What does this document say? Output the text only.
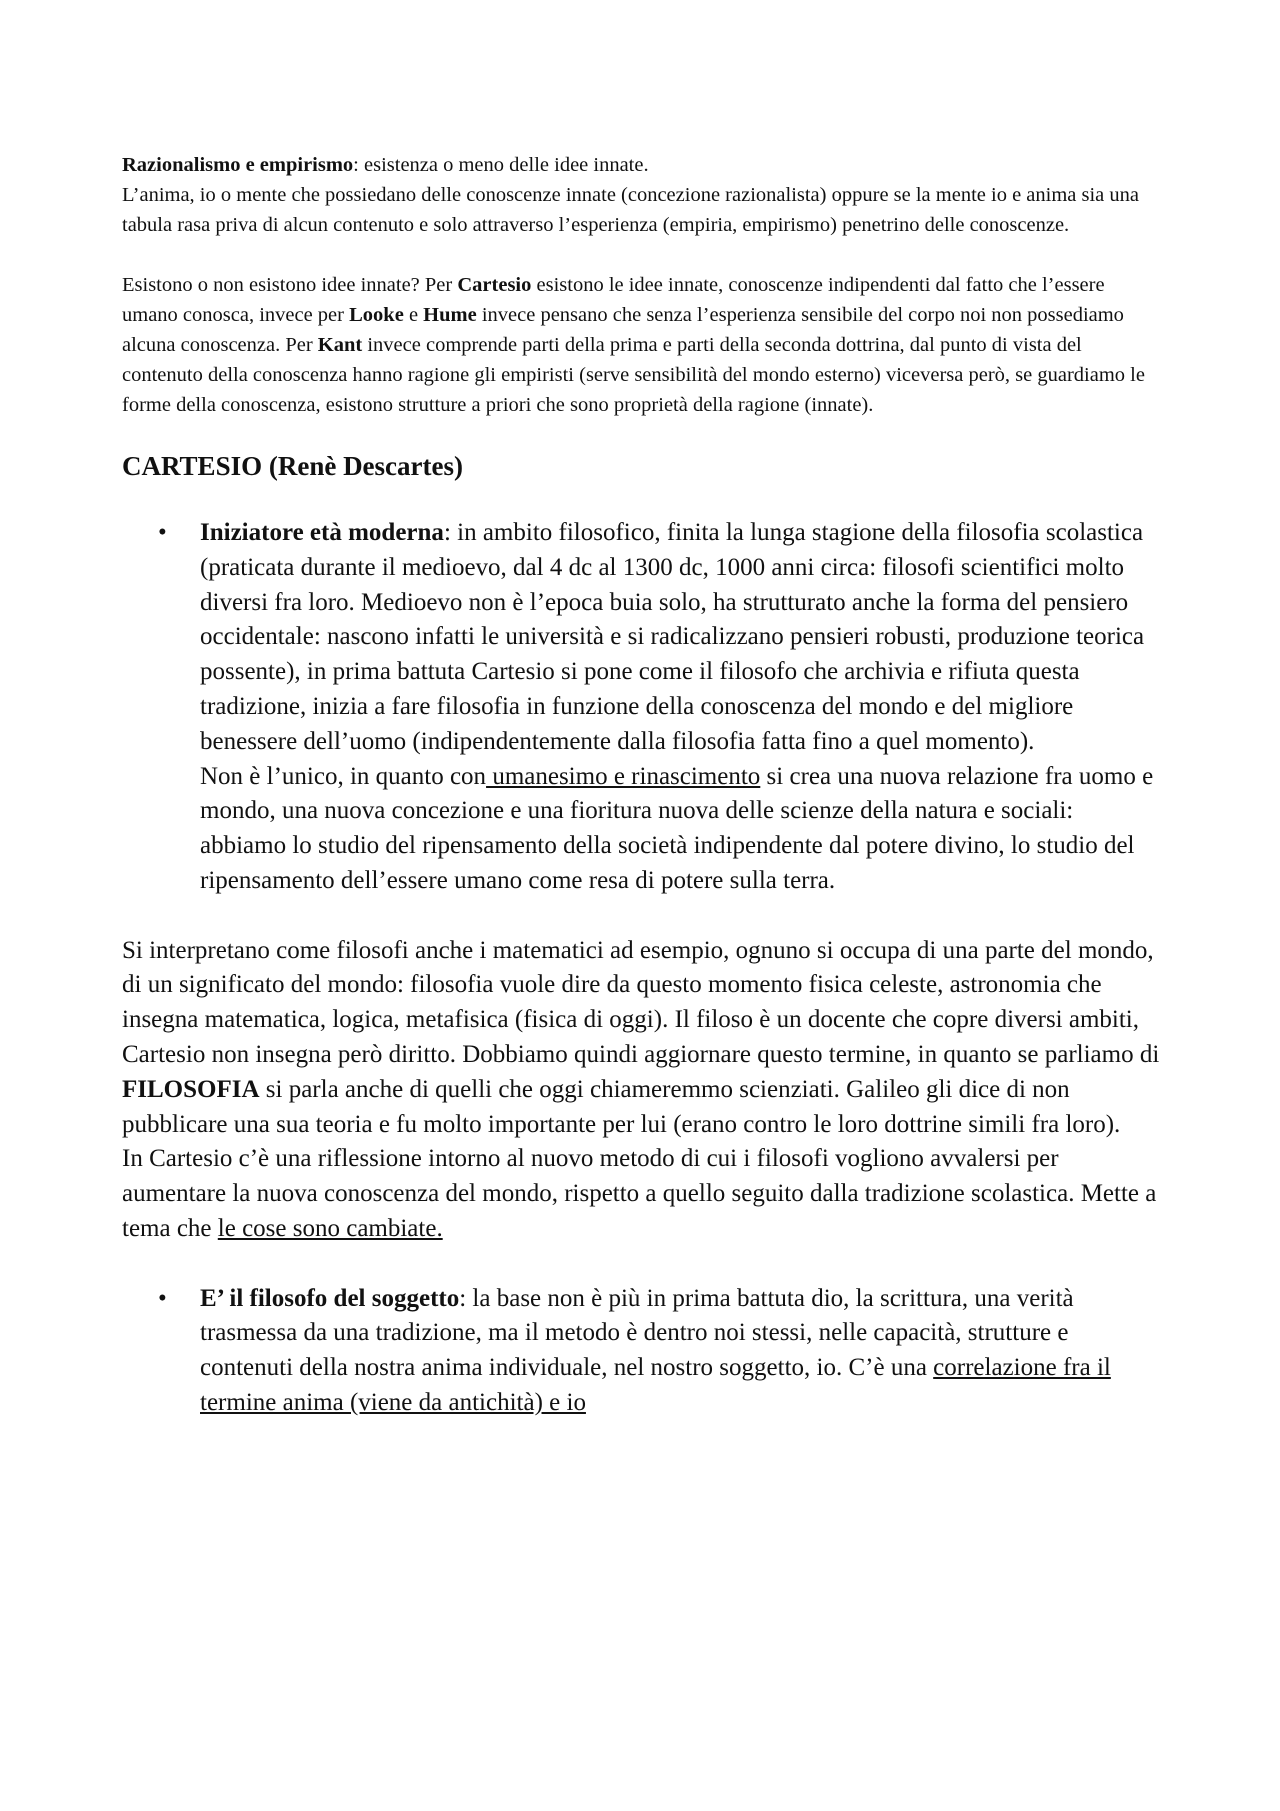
Razionalismo e empirismo: esistenza o meno delle idee innate.
L’anima, io o mente che possiedano delle conoscenze innate (concezione razionalista) oppure se la mente io e anima sia una tabula rasa priva di alcun contenuto e solo attraverso l’esperienza (empiria, empirismo) penetrino delle conoscenze.

Esistono o non esistono idee innate? Per Cartesio esistono le idee innate, conoscenze indipendenti dal fatto che l’essere umano conosca, invece per Looke e Hume invece pensano che senza l’esperienza sensibile del corpo noi non possediamo alcuna conoscenza. Per Kant invece comprende parti della prima e parti della seconda dottrina, dal punto di vista del contenuto della conoscenza hanno ragione gli empiristi (serve sensibilità del mondo esterno) viceversa però, se guardiamo le forme della conoscenza, esistono strutture a priori che sono proprietà della ragione (innate).

CARTESIO (Renè Descartes)
• Iniziatore età moderna: in ambito filosofico, finita la lunga stagione della filosofia scolastica (praticata durante il medioevo, dal 4 dc al 1300 dc, 1000 anni circa: filosofi scientifici molto diversi fra loro. Medioevo non è l’epoca buia solo, ha strutturato anche la forma del pensiero occidentale: nascono infatti le università e si radicalizzano pensieri robusti, produzione teorica possente), in prima battuta Cartesio si pone come il filosofo che archivia e rifiuta questa tradizione, inizia a fare filosofia in funzione della conoscenza del mondo e del migliore benessere dell’uomo (indipendentemente dalla filosofia fatta fino a quel momento).

Non è l’unico, in quanto con umanesimo e rinascimento si crea una nuova relazione fra uomo e mondo, una nuova concezione e una fioritura nuova delle scienze della natura e sociali: abbiamo lo studio del ripensamento della società indipendente dal potere divino, lo studio del ripensamento dell’essere umano come resa di potere sulla terra.

Si interpretano come filosofi anche i matematici ad esempio, ognuno si occupa di una parte del mondo, di un significato del mondo: filosofia vuole dire da questo momento fisica celeste, astronomia che insegna matematica, logica, metafisica (fisica di oggi). Il filoso è un docente che copre diversi ambiti, Cartesio non insegna però diritto. Dobbiamo quindi aggiornare questo termine, in quanto se parliamo di FILOSOFIA si parla anche di quelli che oggi chiameremmo scienziati. Galileo gli dice di non pubblicare una sua teoria e fu molto importante per lui (erano contro le loro dottrine simili fra loro).
In Cartesio c’è una riflessione intorno al nuovo metodo di cui i filosofi vogliono avvalersi per aumentare la nuova conoscenza del mondo, rispetto a quello seguito dalla tradizione scolastica. Mette a tema che le cose sono cambiate.

• E’ il filosofo del soggetto: la base non è più in prima battuta dio, la scrittura, una verità trasmessa da una tradizione, ma il metodo è dentro noi stessi, nelle capacità, strutture e contenuti della nostra anima individuale, nel nostro soggetto, io. C’è una correlazione fra il termine anima (viene da antichità) e io
